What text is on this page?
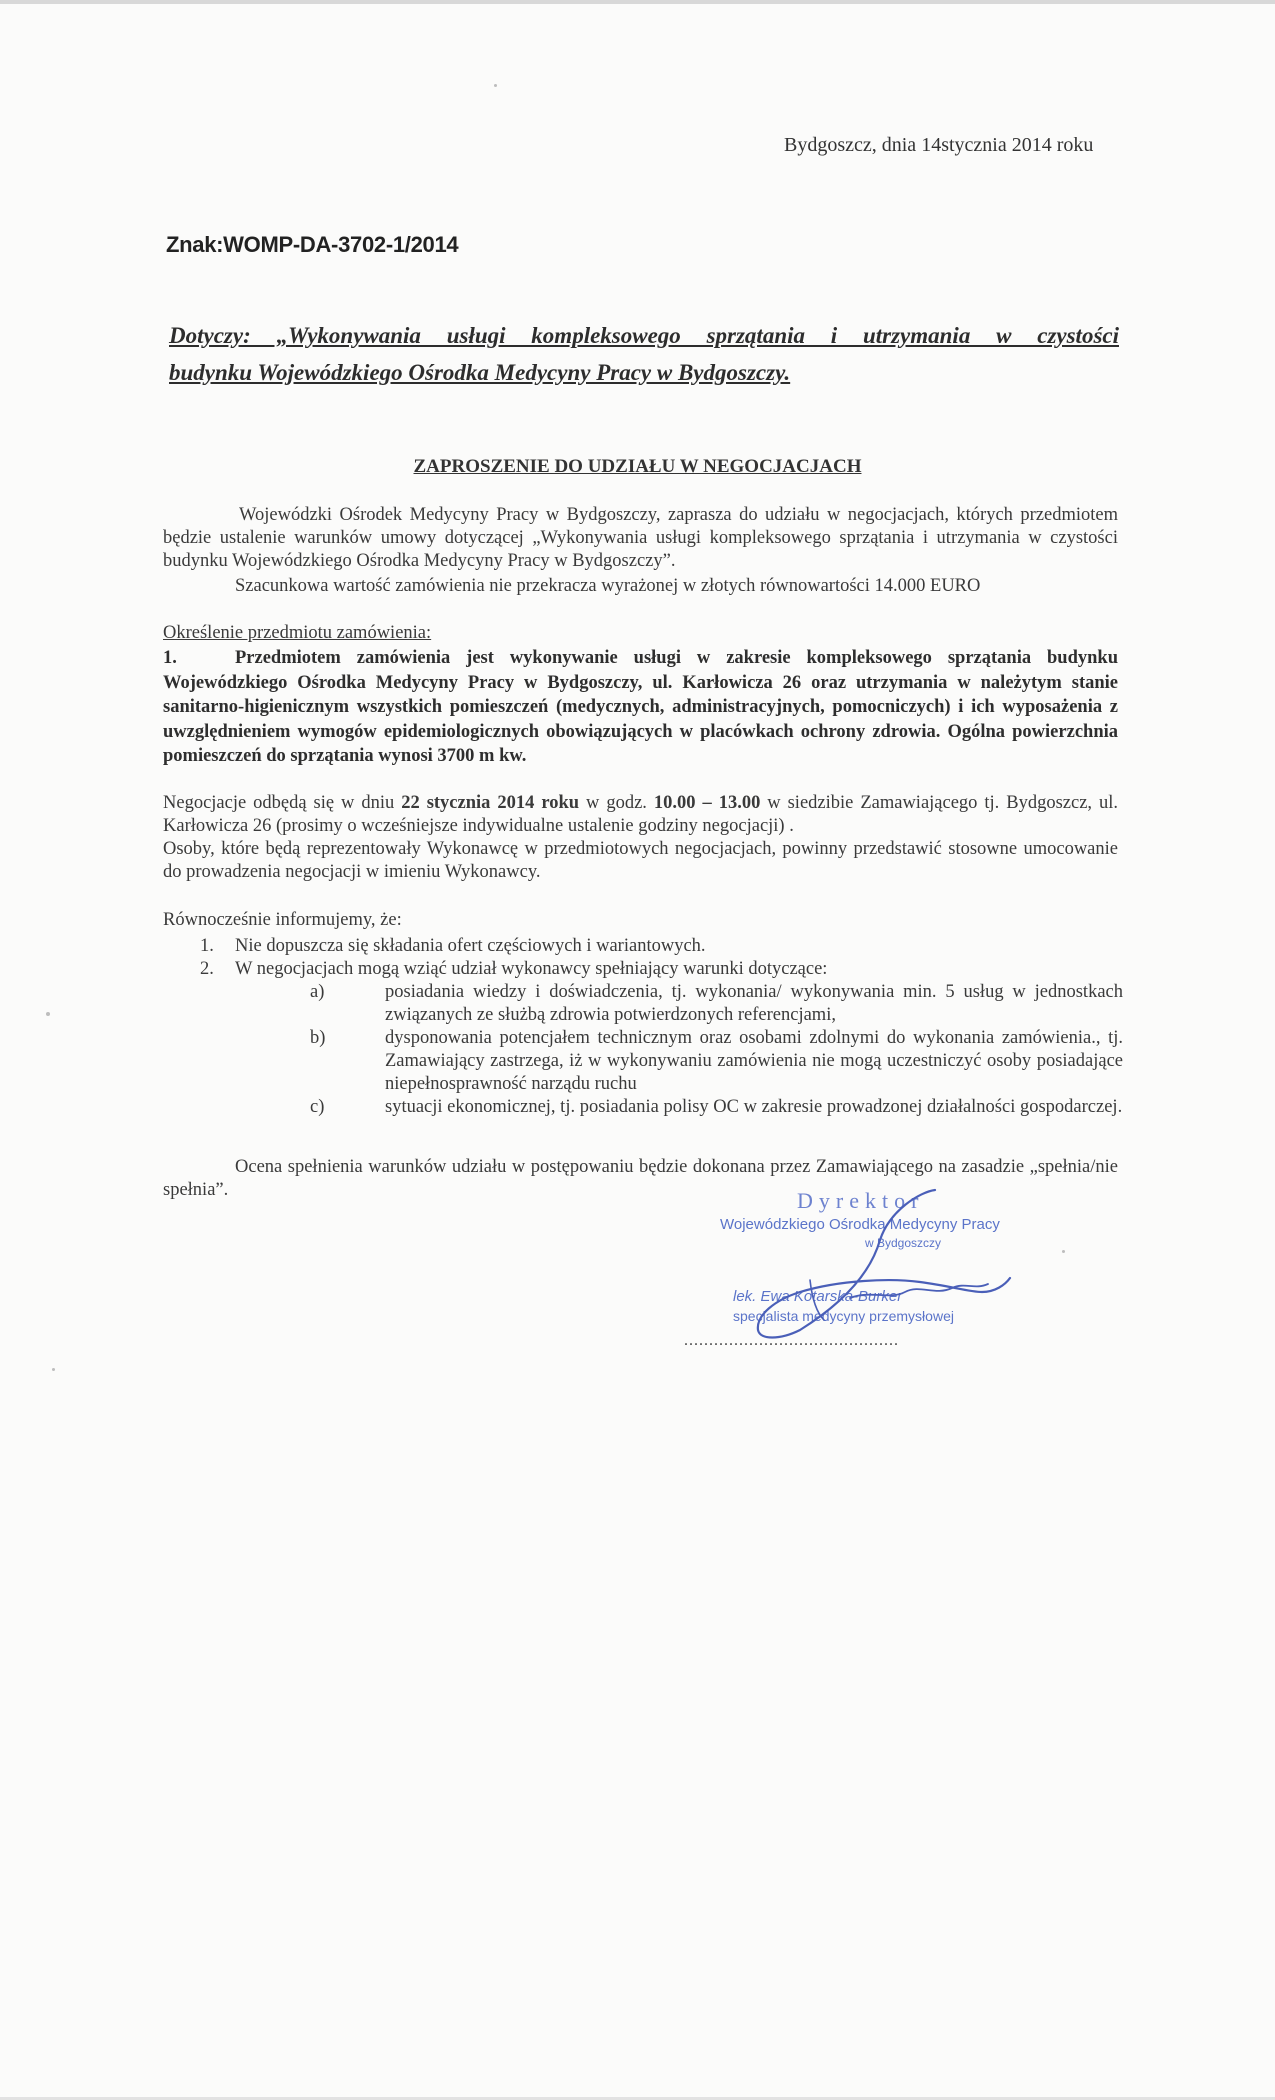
Bydgoszcz, dnia 14stycznia 2014 roku
Znak:WOMP-DA-3702-1/2014
Dotyczy: „Wykonywania usługi kompleksowego sprzątania i utrzymania w czystości
budynku Wojewódzkiego Ośrodka Medycyny Pracy w Bydgoszczy.
ZAPROSZENIE DO UDZIAŁU W NEGOCJACJACH
Wojewódzki Ośrodek Medycyny Pracy w Bydgoszczy, zaprasza do udziału w negocjacjach, których przedmiotem będzie ustalenie warunków umowy dotyczącej „Wykonywania usługi kompleksowego sprzątania i utrzymania w czystości budynku Wojewódzkiego Ośrodka Medycyny Pracy w Bydgoszczy”.
Szacunkowa wartość zamówienia nie przekracza wyrażonej w złotych równowartości 14.000 EURO
Określenie przedmiotu zamówienia:
1.	Przedmiotem zamówienia jest wykonywanie usługi w zakresie kompleksowego sprzątania budynku Wojewódzkiego Ośrodka Medycyny Pracy w Bydgoszczy, ul. Karłowicza 26 oraz utrzymania w należytym stanie sanitarno-higienicznym wszystkich pomieszczeń (medycznych, administracyjnych, pomocniczych) i ich wyposażenia z uwzględnieniem wymogów epidemiologicznych obowiązujących w placówkach ochrony zdrowia. Ogólna powierzchnia pomieszczeń do sprzątania wynosi 3700 m kw.
Negocjacje odbędą się w dniu 22 stycznia 2014 roku w godz. 10.00 – 13.00 w siedzibie Zamawiającego tj. Bydgoszcz, ul. Karłowicza 26 (prosimy o wcześniejsze indywidualne ustalenie godziny negocjacji) .
Osoby, które będą reprezentowały Wykonawcę w przedmiotowych negocjacjach, powinny przedstawić stosowne umocowanie do prowadzenia negocjacji w imieniu Wykonawcy.
Równocześnie informujemy, że:
1. Nie dopuszcza się składania ofert częściowych i wariantowych.
2. W negocjacjach mogą wziąć udział wykonawcy spełniający warunki dotyczące:
a)	posiadania wiedzy i doświadczenia, tj. wykonania/ wykonywania min. 5 usług w jednostkach związanych ze służbą zdrowia potwierdzonych referencjami,
b)	dysponowania potencjałem technicznym oraz osobami zdolnymi do wykonania zamówienia., tj. Zamawiający zastrzega, iż w wykonywaniu zamówienia nie mogą uczestniczyć osoby posiadające niepełnosprawność narządu ruchu
c)	sytuacji ekonomicznej, tj. posiadania polisy OC w zakresie prowadzonej działalności gospodarczej.
Ocena spełnienia warunków udziału w postępowaniu będzie dokonana przez Zamawiającego na zasadzie „spełnia/nie spełnia”.	Dyrektor
Wojewódzkiego Ośrodka Medycyny Pracy
w Bydgoszczy
lek. Ewa Kotarska-Burker
specjalista medycyny przemysłowej
...........................................
